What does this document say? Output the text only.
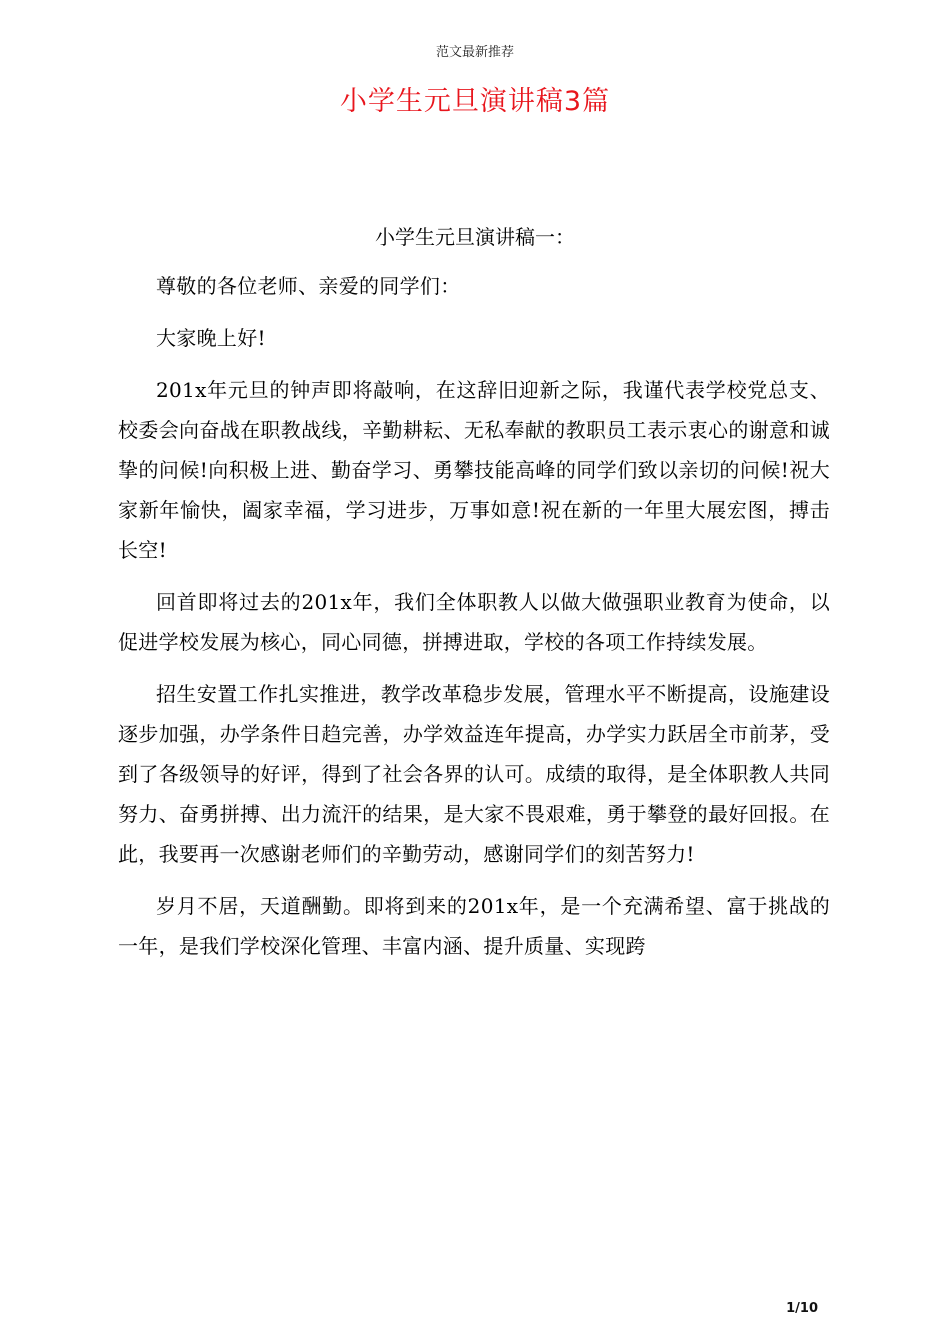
范文最新推荐
小学生元旦演讲稿3篇
小学生元旦演讲稿一：

尊敬的各位老师、亲爱的同学们：

大家晚上好!

201x年元旦的钟声即将敲响，在这辞旧迎新之际，我谨代表学校党总支、校委会向奋战在职教战线，辛勤耕耘、无私奉献的教职员工表示衷心的谢意和诚挚的问候!向积极上进、勤奋学习、勇攀技能高峰的同学们致以亲切的问候!祝大家新年愉快，阖家幸福，学习进步，万事如意!祝在新的一年里大展宏图，搏击长空!

回首即将过去的201x年，我们全体职教人以做大做强职业教育为使命，以促进学校发展为核心，同心同德，拼搏进取，学校的各项工作持续发展。

招生安置工作扎实推进，教学改革稳步发展，管理水平不断提高，设施建设逐步加强，办学条件日趋完善，办学效益连年提高，办学实力跃居全市前茅，受到了各级领导的好评，得到了社会各界的认可。成绩的取得，是全体职教人共同努力、奋勇拼搏、出力流汗的结果，是大家不畏艰难，勇于攀登的最好回报。在此，我要再一次感谢老师们的辛勤劳动，感谢同学们的刻苦努力!

岁月不居，天道酬勤。即将到来的201x年，是一个充满希望、富于挑战的一年，是我们学校深化管理、丰富内涵、提升质量、实现跨

1/10
